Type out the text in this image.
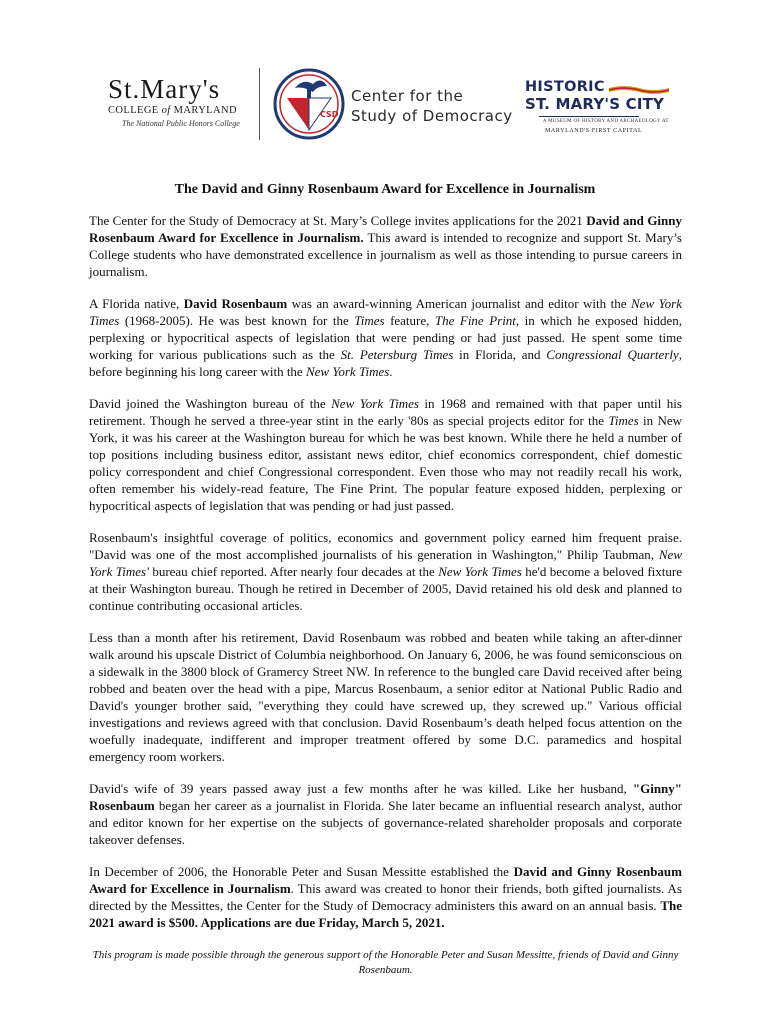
St.Mary's
COLLEGE of MARYLAND
The National Public Honors College
CSD
Center for the
Study of Democracy
HISTORIC
ST. MARY'S CITY
A MUSEUM OF HISTORY AND ARCHAEOLOGY AT
MARYLAND'S FIRST CAPITAL
The David and Ginny Rosenbaum Award for Excellence in Journalism

The Center for the Study of Democracy at St. Mary’s College invites applications for the 2021 David and Ginny Rosenbaum Award for Excellence in Journalism. This award is intended to recognize and support St. Mary’s College students who have demonstrated excellence in journalism as well as those intending to pursue careers in journalism.

A Florida native, David Rosenbaum was an award-winning American journalist and editor with the New York Times (1968-2005). He was best known for the Times feature, The Fine Print, in which he exposed hidden, perplexing or hypocritical aspects of legislation that were pending or had just passed. He spent some time working for various publications such as the St. Petersburg Times in Florida, and Congressional Quarterly, before beginning his long career with the New York Times.

David joined the Washington bureau of the New York Times in 1968 and remained with that paper until his retirement. Though he served a three-year stint in the early '80s as special projects editor for the Times in New York, it was his career at the Washington bureau for which he was best known. While there he held a number of top positions including business editor, assistant news editor, chief economics correspondent, chief domestic policy correspondent and chief Congressional correspondent. Even those who may not readily recall his work, often remember his widely-read feature, The Fine Print. The popular feature exposed hidden, perplexing or hypocritical aspects of legislation that was pending or had just passed.

Rosenbaum's insightful coverage of politics, economics and government policy earned him frequent praise. "David was one of the most accomplished journalists of his generation in Washington," Philip Taubman, New York Times' bureau chief reported. After nearly four decades at the New York Times he'd become a beloved fixture at their Washington bureau. Though he retired in December of 2005, David retained his old desk and planned to continue contributing occasional articles.

Less than a month after his retirement, David Rosenbaum was robbed and beaten while taking an after-dinner walk around his upscale District of Columbia neighborhood. On January 6, 2006, he was found semiconscious on a sidewalk in the 3800 block of Gramercy Street NW. In reference to the bungled care David received after being robbed and beaten over the head with a pipe, Marcus Rosenbaum, a senior editor at National Public Radio and David's younger brother said, "everything they could have screwed up, they screwed up." Various official investigations and reviews agreed with that conclusion. David Rosenbaum’s death helped focus attention on the woefully inadequate, indifferent and improper treatment offered by some D.C. paramedics and hospital emergency room workers.

David's wife of 39 years passed away just a few months after he was killed. Like her husband, "Ginny" Rosenbaum began her career as a journalist in Florida. She later became an influential research analyst, author and editor known for her expertise on the subjects of governance-related shareholder proposals and corporate takeover defenses.

In December of 2006, the Honorable Peter and Susan Messitte established the David and Ginny Rosenbaum Award for Excellence in Journalism. This award was created to honor their friends, both gifted journalists. As directed by the Messittes, the Center for the Study of Democracy administers this award on an annual basis. The 2021 award is $500. Applications are due Friday, March 5, 2021.

This program is made possible through the generous support of the Honorable Peter and Susan Messitte, friends of David and Ginny Rosenbaum.
